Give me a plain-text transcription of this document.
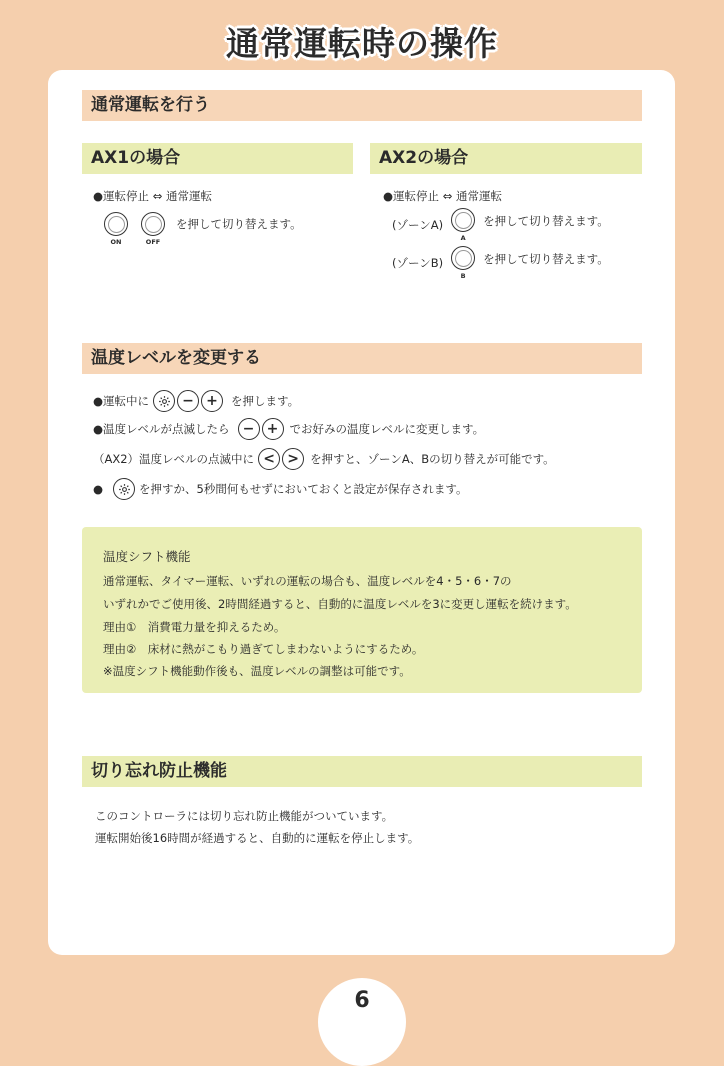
通常運転時の操作
通常運転を行う
AX1の場合
●運転停止 ⇔ 通常運転
ON	OFF
を押して切り替えます。
AX2の場合
●運転停止 ⇔ 通常運転
(ゾーンA)
A
を押して切り替えます。
(ゾーンB)
B
を押して切り替えます。
温度レベルを変更する
●運転中に − + を押します。
●温度レベルが点滅したら − + でお好みの温度レベルに変更します。
（AX2）温度レベルの点滅中に < > を押すと、ゾーンA、Bの切り替えが可能です。
●	を押すか、5秒間何もせずにおいておくと設定が保存されます。
温度シフト機能
通常運転、タイマー運転、いずれの運転の場合も、温度レベルを4・5・6・7の
いずれかでご使用後、2時間経過すると、自動的に温度レベルを3に変更し運転を続けます。
理由①　消費電力量を抑えるため。
理由②　床材に熱がこもり過ぎてしまわないようにするため。
※温度シフト機能動作後も、温度レベルの調整は可能です。
切り忘れ防止機能
このコントローラには切り忘れ防止機能がついています。
運転開始後16時間が経過すると、自動的に運転を停止します。
6
